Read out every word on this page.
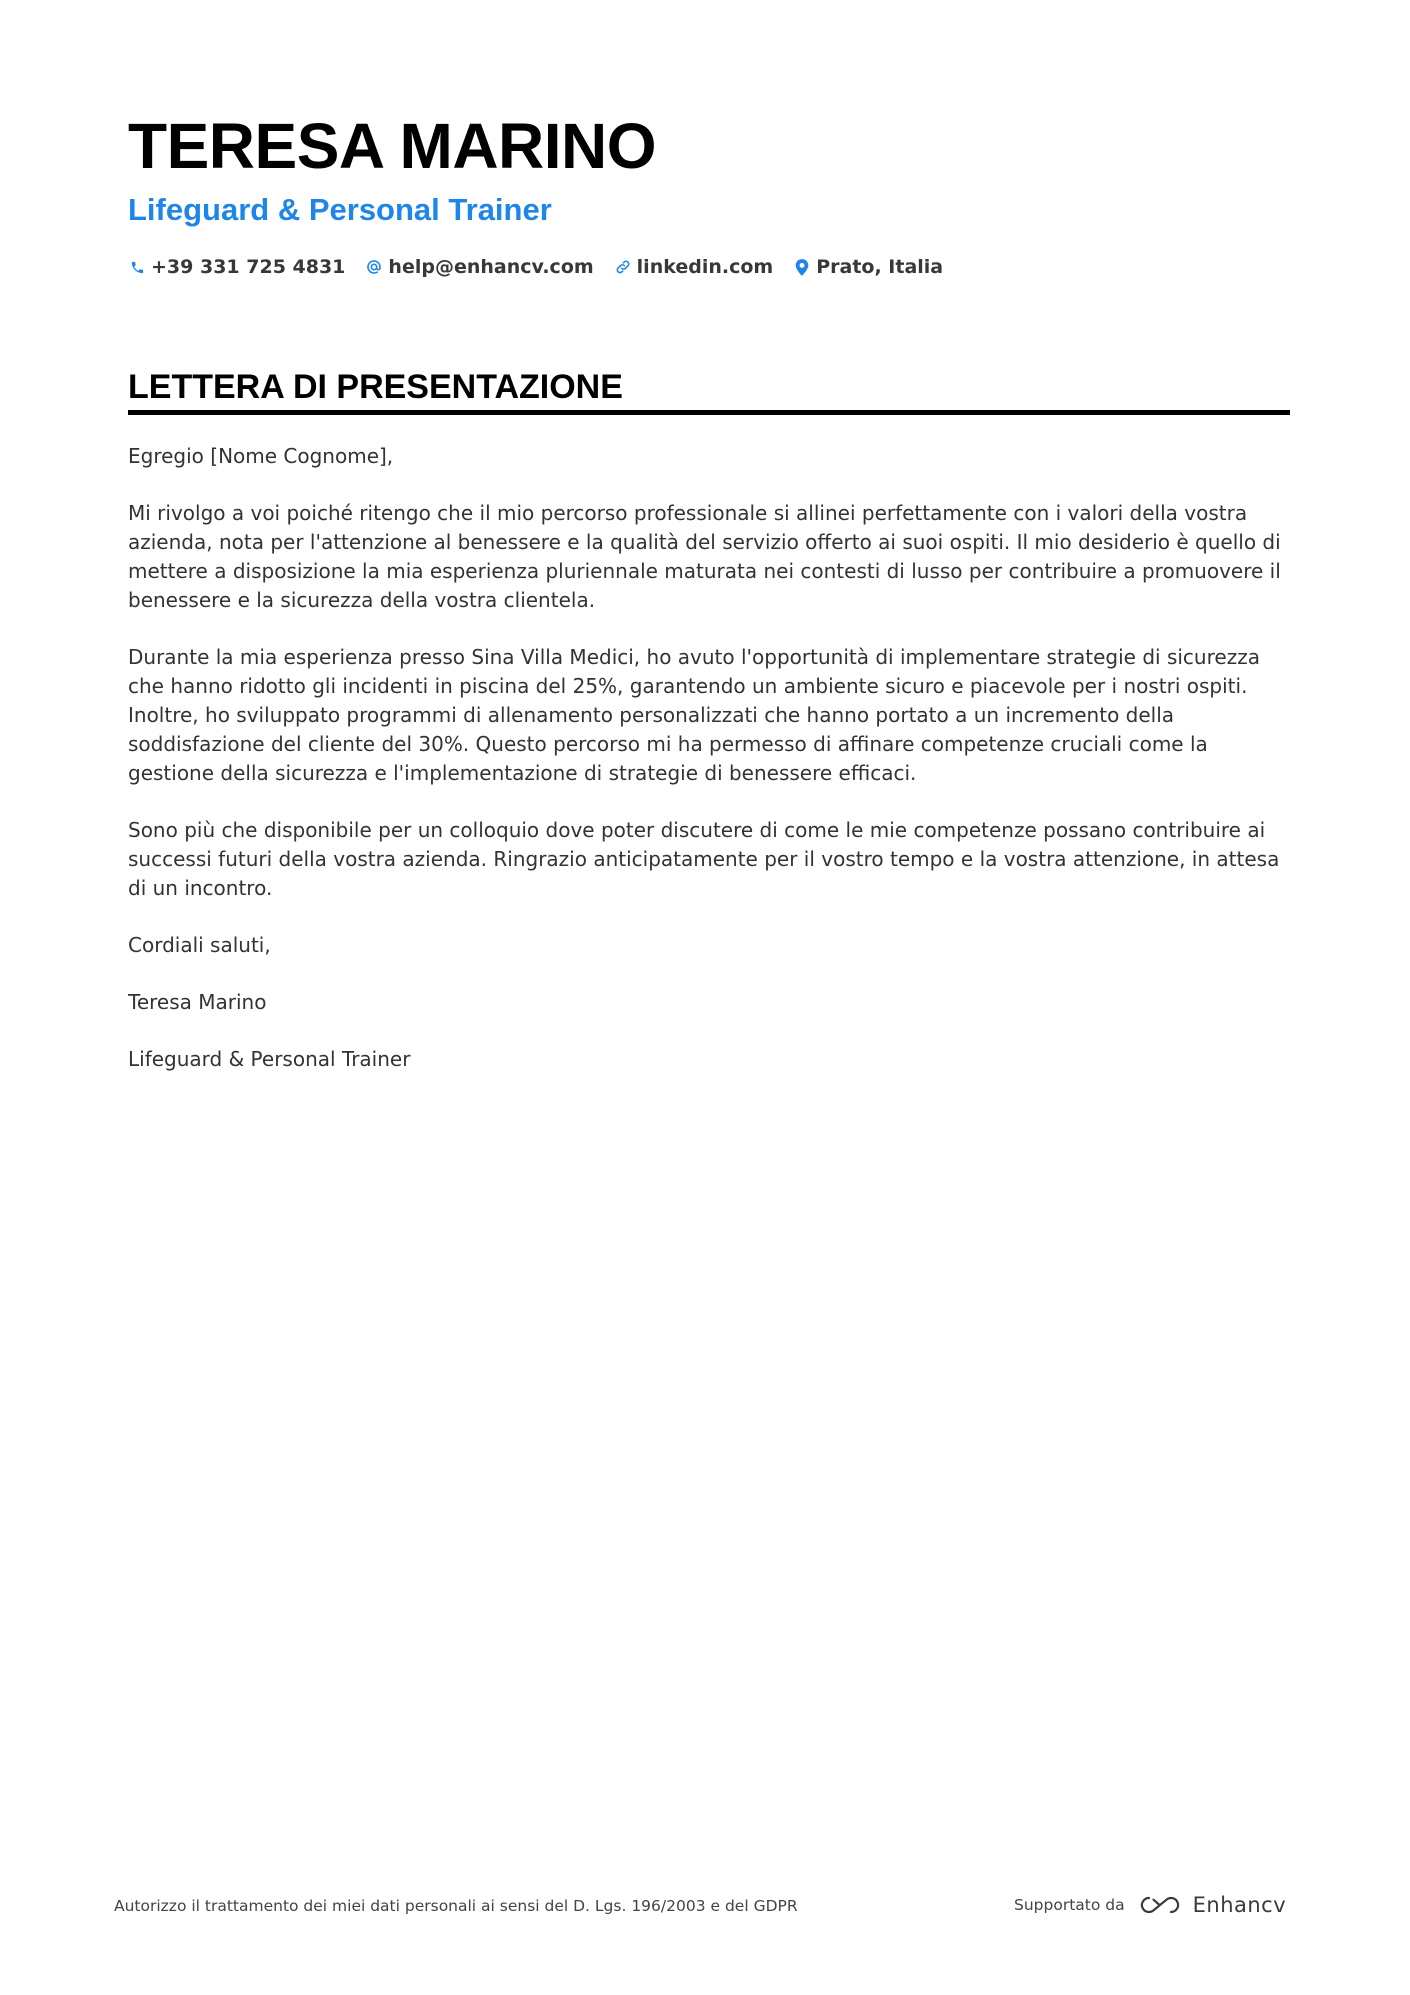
TERESA MARINO
Lifeguard & Personal Trainer
+39 331 725 4831 help@enhancv.com linkedin.com Prato, Italia
LETTERA DI PRESENTAZIONE

Egregio [Nome Cognome],

Mi rivolgo a voi poiché ritengo che il mio percorso professionale si allinei perfettamente con i valori della vostra azienda, nota per l'attenzione al benessere e la qualità del servizio offerto ai suoi ospiti. Il mio desiderio è quello di mettere a disposizione la mia esperienza pluriennale maturata nei contesti di lusso per contribuire a promuovere il benessere e la sicurezza della vostra clientela.

Durante la mia esperienza presso Sina Villa Medici, ho avuto l'opportunità di implementare strategie di sicurezza che hanno ridotto gli incidenti in piscina del 25%, garantendo un ambiente sicuro e piacevole per i nostri ospiti. Inoltre, ho sviluppato programmi di allenamento personalizzati che hanno portato a un incremento della soddisfazione del cliente del 30%. Questo percorso mi ha permesso di affinare competenze cruciali come la gestione della sicurezza e l'implementazione di strategie di benessere efficaci.

Sono più che disponibile per un colloquio dove poter discutere di come le mie competenze possano contribuire ai successi futuri della vostra azienda. Ringrazio anticipatamente per il vostro tempo e la vostra attenzione, in attesa di un incontro.

Cordiali saluti,

Teresa Marino

Lifeguard & Personal Trainer

Autorizzo il trattamento dei miei dati personali ai sensi del D. Lgs. 196/2003 e del GDPR	Supportato da	Enhancv
